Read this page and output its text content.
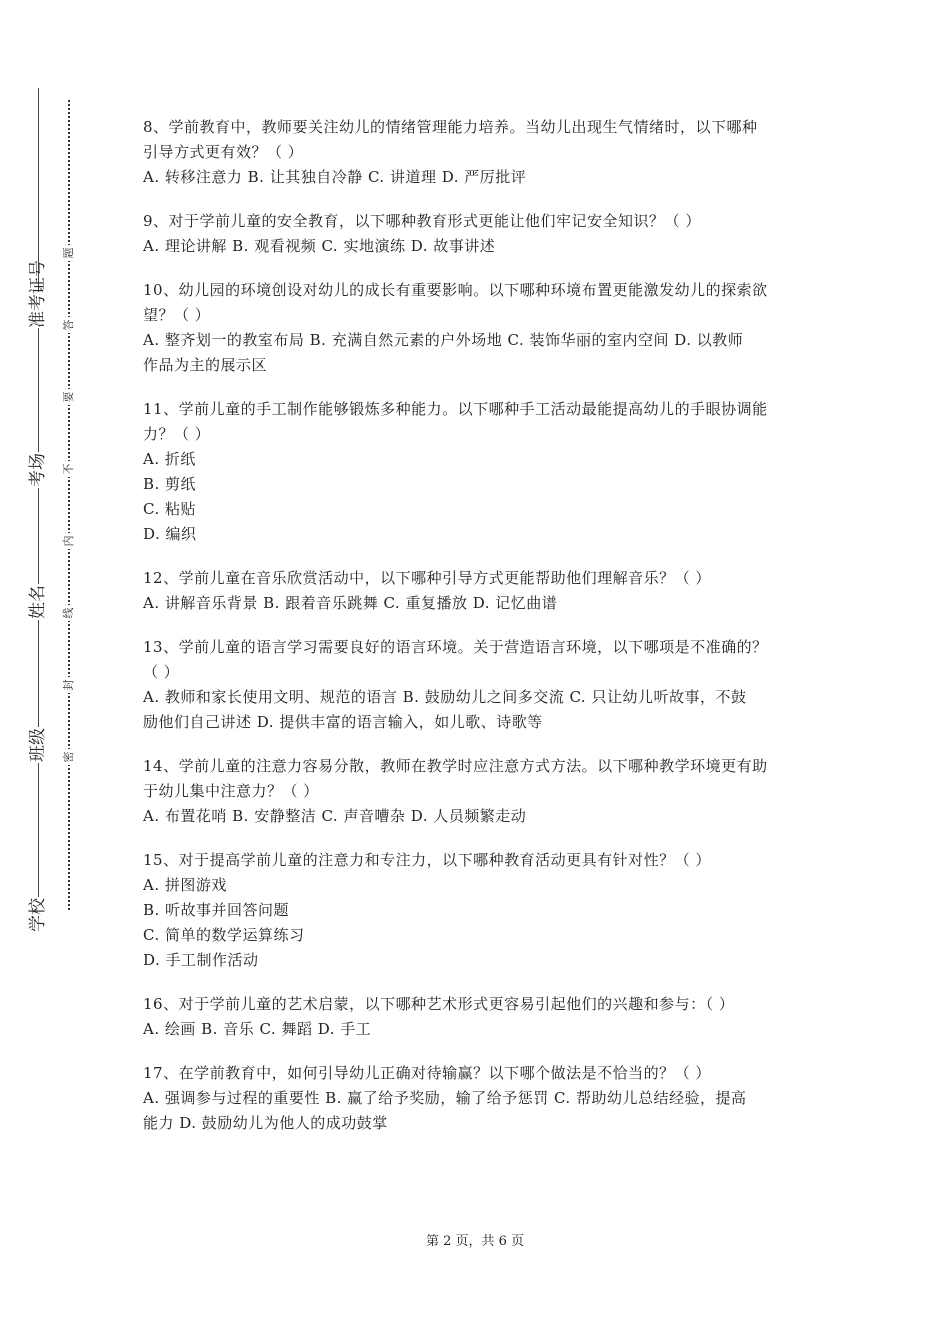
准考证号
考场
姓名
班级
学校
题
答
要
不
内
线
封
密
8、学前教育中，教师要关注幼儿的情绪管理能力培养。当幼儿出现生气情绪时，以下哪种
引导方式更有效？（ ）
A. 转移注意力 B. 让其独自冷静 C. 讲道理 D. 严厉批评
9、对于学前儿童的安全教育，以下哪种教育形式更能让他们牢记安全知识？（ ）
A. 理论讲解 B. 观看视频 C. 实地演练 D. 故事讲述
10、幼儿园的环境创设对幼儿的成长有重要影响。以下哪种环境布置更能激发幼儿的探索欲
望？（ ）
A. 整齐划一的教室布局 B. 充满自然元素的户外场地 C. 装饰华丽的室内空间 D. 以教师
作品为主的展示区
11、学前儿童的手工制作能够锻炼多种能力。以下哪种手工活动最能提高幼儿的手眼协调能
力？（ ）
A. 折纸
B. 剪纸
C. 粘贴
D. 编织
12、学前儿童在音乐欣赏活动中，以下哪种引导方式更能帮助他们理解音乐？（ ）
A. 讲解音乐背景 B. 跟着音乐跳舞 C. 重复播放 D. 记忆曲谱
13、学前儿童的语言学习需要良好的语言环境。关于营造语言环境，以下哪项是不准确的？
（ ）
A. 教师和家长使用文明、规范的语言 B. 鼓励幼儿之间多交流 C. 只让幼儿听故事，不鼓
励他们自己讲述 D. 提供丰富的语言输入，如儿歌、诗歌等
14、学前儿童的注意力容易分散，教师在教学时应注意方式方法。以下哪种教学环境更有助
于幼儿集中注意力？（ ）
A. 布置花哨 B. 安静整洁 C. 声音嘈杂 D. 人员频繁走动
15、对于提高学前儿童的注意力和专注力，以下哪种教育活动更具有针对性？（ ）
A. 拼图游戏
B. 听故事并回答问题
C. 简单的数学运算练习
D. 手工制作活动
16、对于学前儿童的艺术启蒙，以下哪种艺术形式更容易引起他们的兴趣和参与：（ ）
A. 绘画 B. 音乐 C. 舞蹈 D. 手工
17、在学前教育中，如何引导幼儿正确对待输赢？以下哪个做法是不恰当的？（ ）
A. 强调参与过程的重要性 B. 赢了给予奖励，输了给予惩罚 C. 帮助幼儿总结经验，提高
能力 D. 鼓励幼儿为他人的成功鼓掌
第 2 页，共 6 页
